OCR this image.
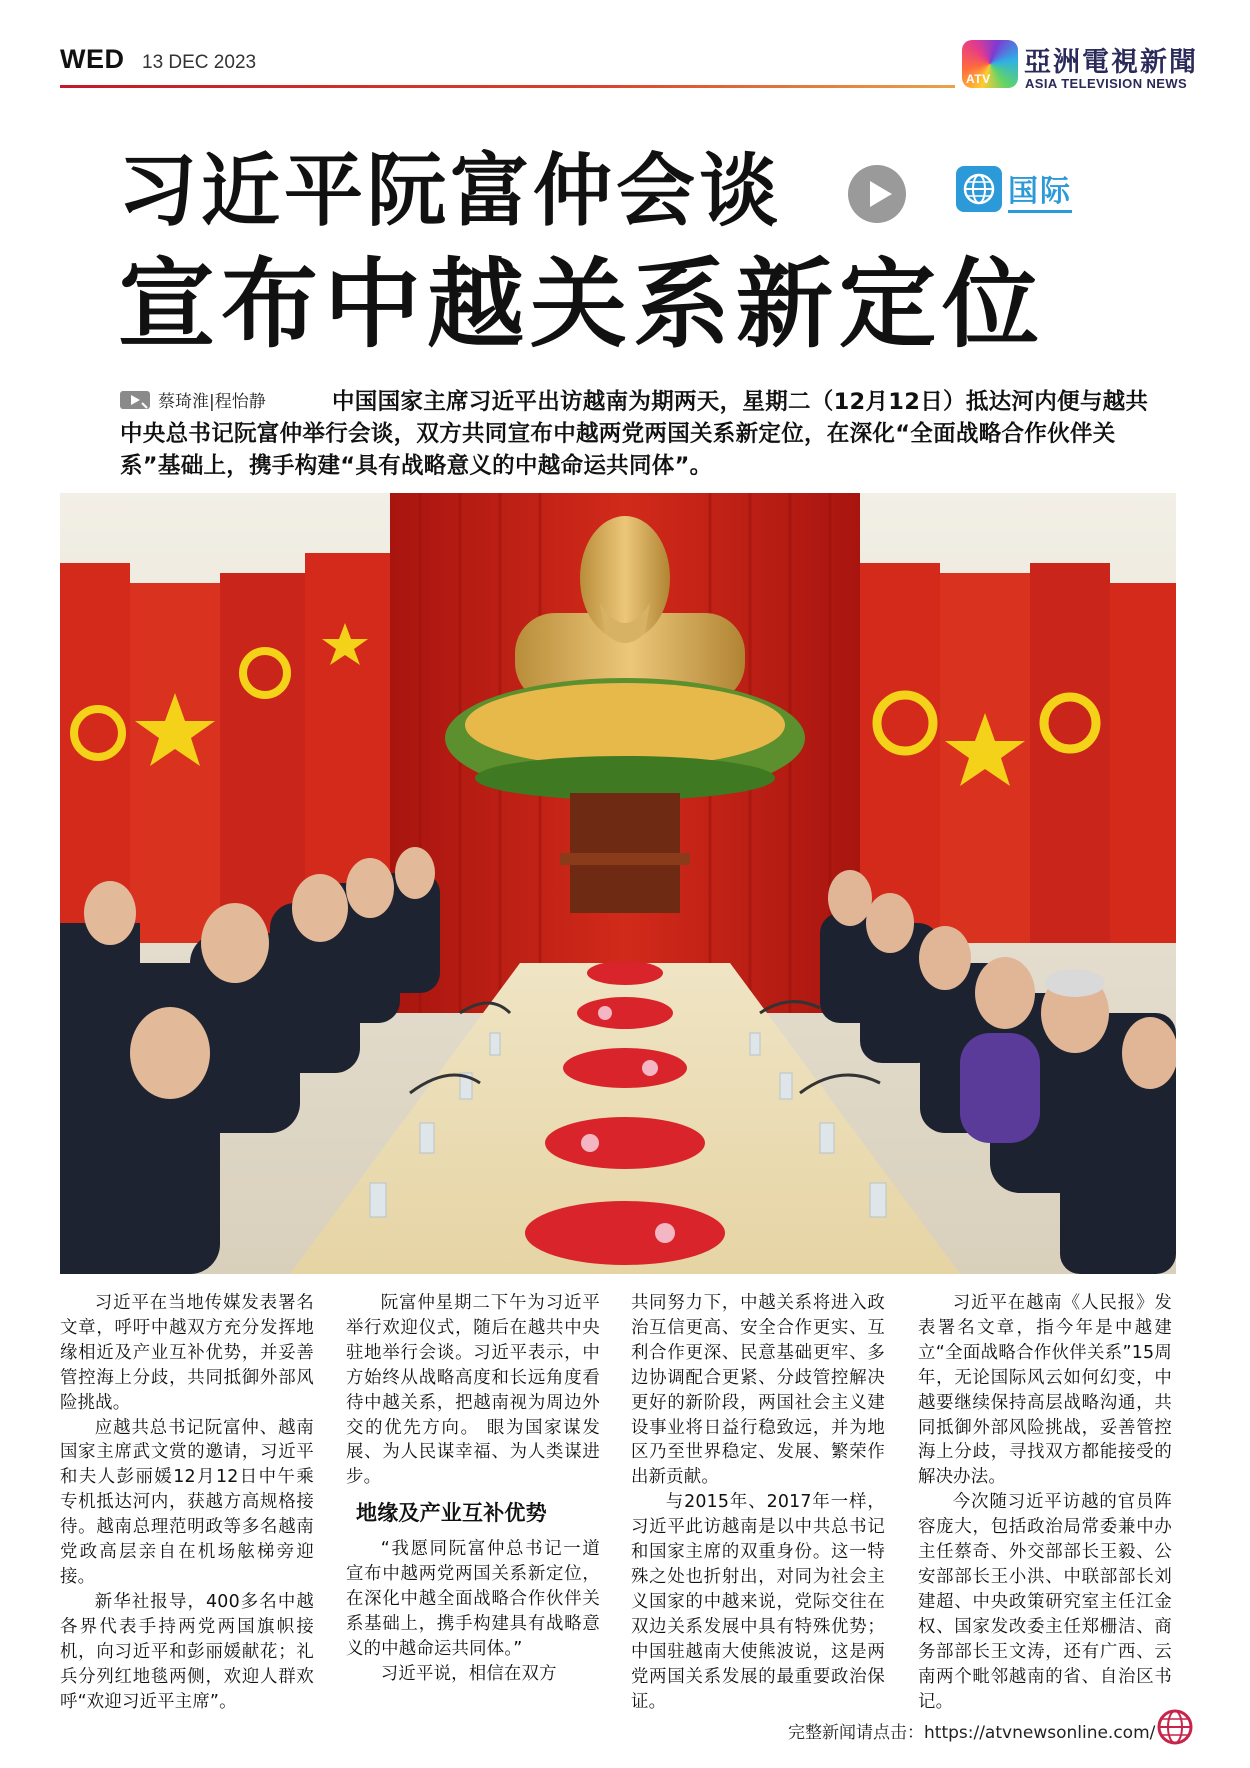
WED 13 DEC 2023
ATV
亞洲電視新聞
ASIA TELEVISION NEWS
习近平阮富仲会谈	国际
宣布中越关系新定位
中国国家主席习近平出访越南为期两天，星期二（12月12日）抵达河内便与越共中央总书记阮富仲举行会谈，双方共同宣布中越两党两国关系新定位，在深化“全面战略合作伙伴关系”基础上，携手构建“具有战略意义的中越命运共同体”。
蔡琦淮|程怡静

习近平在当地传媒发表署名文章，呼吁中越双方充分发挥地缘相近及产业互补优势，并妥善管控海上分歧，共同抵御外部风险挑战。

应越共总书记阮富仲、越南国家主席武文赏的邀请，习近平和夫人彭丽媛12月12日中午乘专机抵达河内，获越方高规格接待。越南总理范明政等多名越南党政高层亲自在机场舷梯旁迎接。

新华社报导，400多名中越各界代表手持两党两国旗帜接机，向习近平和彭丽媛献花；礼兵分列红地毯两侧，欢迎人群欢呼“欢迎习近平主席”。

阮富仲星期二下午为习近平举行欢迎仪式，随后在越共中央驻地举行会谈。习近平表示，中方始终从战略高度和长远角度看待中越关系，把越南视为周边外交的优先方向。 眼为国家谋发展、为人民谋幸福、为人类谋进步。

地缘及产业互补优势

“我愿同阮富仲总书记一道宣布中越两党两国关系新定位，在深化中越全面战略合作伙伴关系基础上，携手构建具有战略意义的中越命运共同体。”

习近平说，相信在双方

共同努力下，中越关系将进入政治互信更高、安全合作更实、互利合作更深、民意基础更牢、多边协调配合更紧、分歧管控解决更好的新阶段，两国社会主义建设事业将日益行稳致远，并为地区乃至世界稳定、发展、繁荣作出新贡献。

与2015年、2017年一样，习近平此访越南是以中共总书记和国家主席的双重身份。这一特殊之处也折射出，对同为社会主义国家的中越来说，党际交往在双边关系发展中具有特殊优势；中国驻越南大使熊波说，这是两党两国关系发展的最重要政治保证。

习近平在越南《人民报》发表署名文章，指今年是中越建立“全面战略合作伙伴关系”15周年，无论国际风云如何幻变，中越要继续保持高层战略沟通，共同抵御外部风险挑战，妥善管控海上分歧，寻找双方都能接受的解决办法。

今次随习近平访越的官员阵容庞大，包括政治局常委兼中办主任蔡奇、外交部部长王毅、公安部部长王小洪、中联部部长刘建超、中央政策研究室主任江金权、国家发改委主任郑栅洁、商务部部长王文涛，还有广西、云南两个毗邻越南的省、自治区书记。

完整新闻请点击：https://atvnewsonline.com/
